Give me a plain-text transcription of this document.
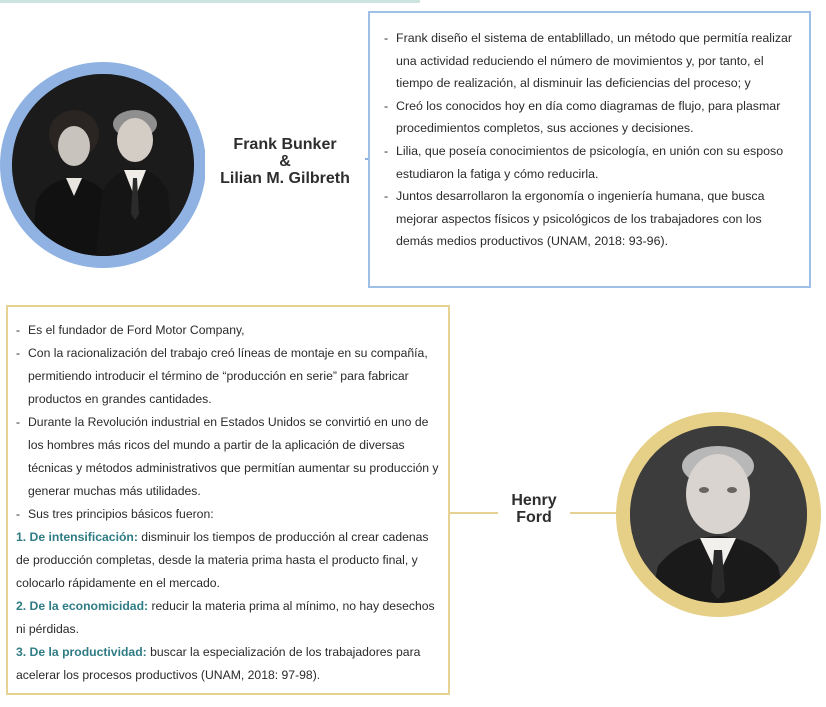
Frank Bunker
&
Lilian M. Gilbreth
- Frank diseño el sistema de entablillado, un método que permitía realizar una actividad reduciendo el número de movimientos y, por tanto, el tiempo de realización, al disminuir las deficiencias del proceso; y
- Creó los conocidos hoy en día como diagramas de flujo, para plasmar procedimientos completos, sus acciones y decisiones.
- Lilia, que poseía conocimientos de psicología, en unión con su esposo estudiaron la fatiga y cómo reducirla.
- Juntos desarrollaron la ergonomía o ingeniería humana, que busca mejorar aspectos físicos y psicológicos de los trabajadores con los demás medios productivos (UNAM, 2018: 93-96).
- Es el fundador de Ford Motor Company,
- Con la racionalización del trabajo creó líneas de montaje en su compañía, permitiendo introducir el término de “producción en serie” para fabricar productos en grandes cantidades.
- Durante la Revolución industrial en Estados Unidos se convirtió en uno de los hombres más ricos del mundo a partir de la aplicación de diversas técnicas y métodos administrativos que permitían aumentar su producción y generar muchas más utilidades.
- Sus tres principios básicos fueron:
1. De intensificación: disminuir los tiempos de producción al crear cadenas de producción completas, desde la materia prima hasta el producto final, y colocarlo rápidamente en el mercado.
2. De la economicidad: reducir la materia prima al mínimo, no hay desechos ni pérdidas.
3. De la productividad: buscar la especialización de los trabajadores para acelerar los procesos productivos (UNAM, 2018: 97-98).
Henry
Ford
